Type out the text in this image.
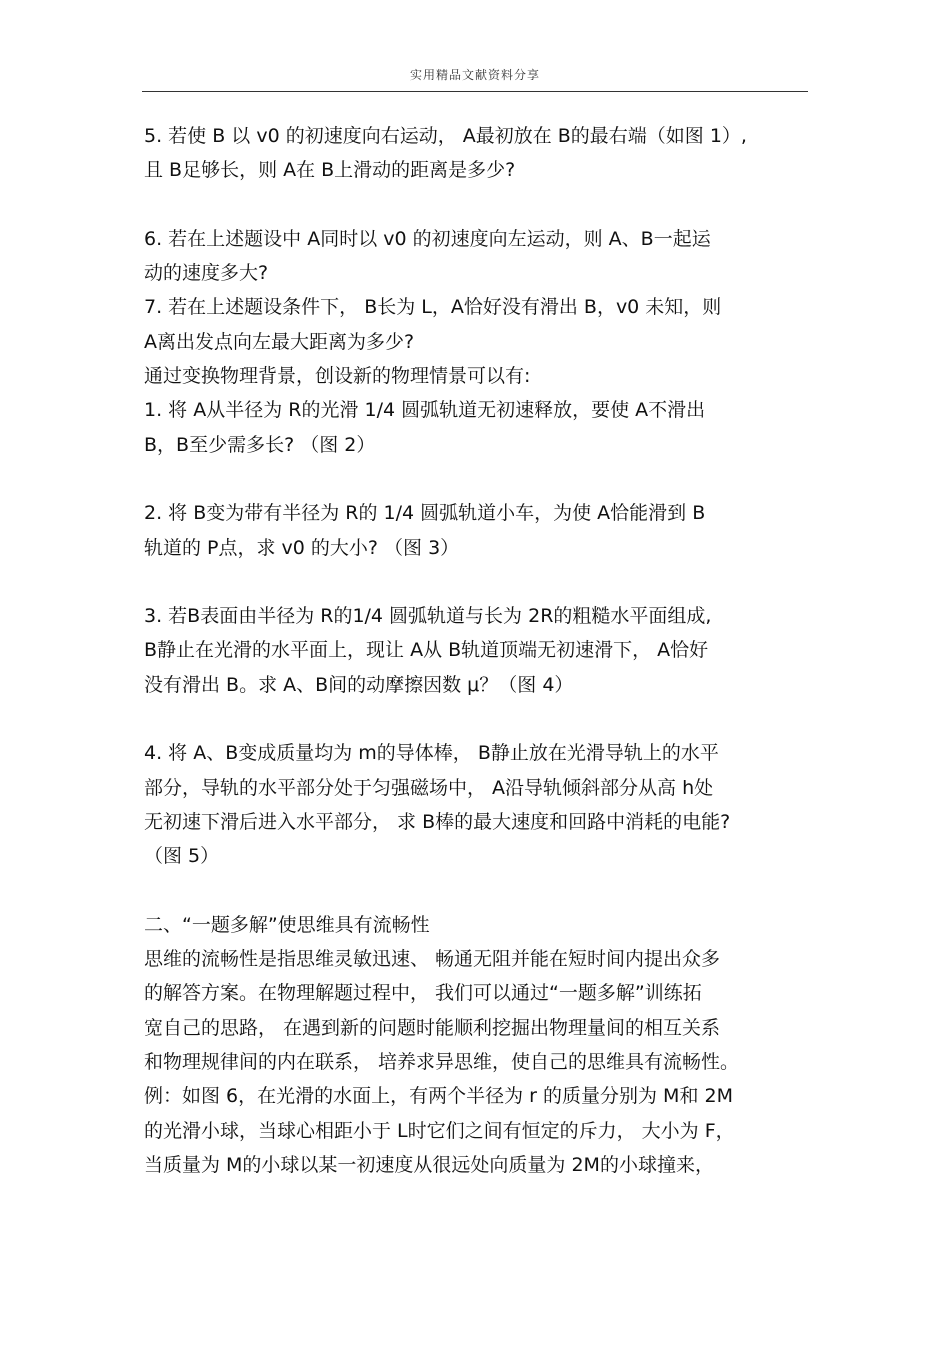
实用精品文献资料分享
5. 若使 B 以 v0 的初速度向右运动， A最初放在 B的最右端（如图 1）,
且 B足够长，则 A在 B上滑动的距离是多少?
6. 若在上述题设中 A同时以 v0 的初速度向左运动，则 A、B一起运
动的速度多大?
7. 若在上述题设条件下， B长为 L，A恰好没有滑出 B，v0 未知，则
A离出发点向左最大距离为多少?
通过变换物理背景，创设新的物理情景可以有:
1. 将 A从半径为 R的光滑 1/4 圆弧轨道无初速释放，要使 A不滑出
B，B至少需多长? （图 2）
2. 将 B变为带有半径为 R的 1/4 圆弧轨道小车，为使 A恰能滑到 B
轨道的 P点，求 v0 的大小? （图 3）
3. 若B表面由半径为 R的1/4 圆弧轨道与长为 2R的粗糙水平面组成,
B静止在光滑的水平面上，现让 A从 B轨道顶端无初速滑下， A恰好
没有滑出 B。求 A、B间的动摩擦因数 μ？（图 4）
4. 将 A、B变成质量均为 m的导体棒， B静止放在光滑导轨上的水平
部分，导轨的水平部分处于匀强磁场中， A沿导轨倾斜部分从高 h处
无初速下滑后进入水平部分， 求 B棒的最大速度和回路中消耗的电能?
（图 5）
二、“一题多解”使思维具有流畅性
思维的流畅性是指思维灵敏迅速、 畅通无阻并能在短时间内提出众多
的解答方案。在物理解题过程中， 我们可以通过“一题多解”训练拓
宽自己的思路， 在遇到新的问题时能顺利挖掘出物理量间的相互关系
和物理规律间的内在联系， 培养求异思维，使自己的思维具有流畅性。
例：如图 6，在光滑的水面上，有两个半径为 r 的质量分别为 M和 2M
的光滑小球，当球心相距小于 L时它们之间有恒定的斥力， 大小为 F，
当质量为 M的小球以某一初速度从很远处向质量为 2M的小球撞来，
